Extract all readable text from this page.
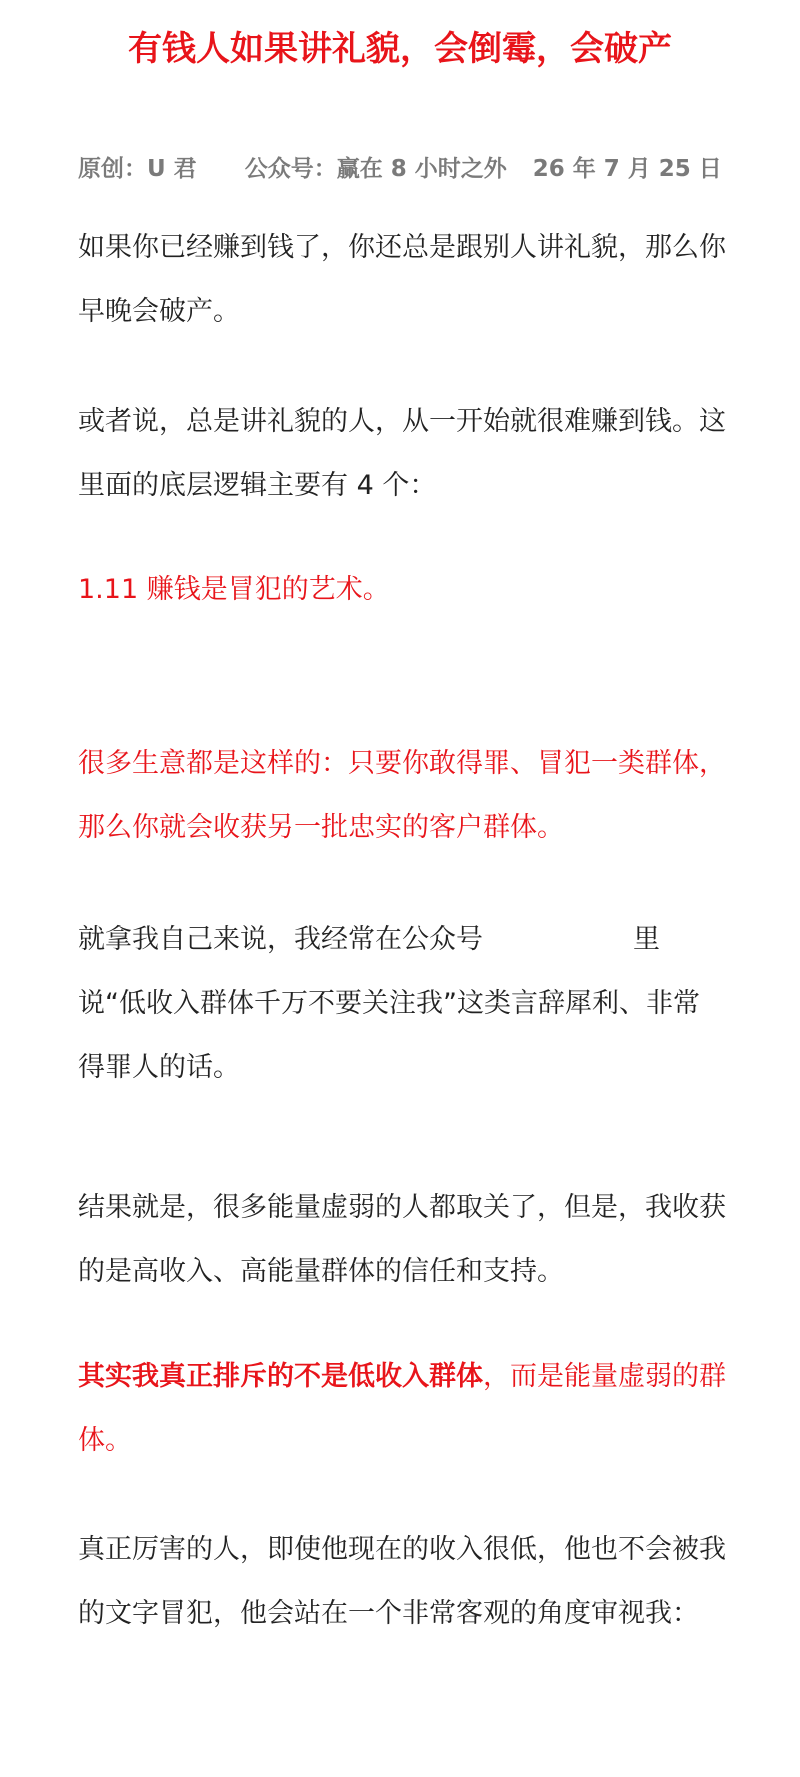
有钱人如果讲礼貌，会倒霉，会破产
原创：U 君 公众号：赢在 8 小时之外 26 年 7 月 25 日

如果你已经赚到钱了，你还总是跟别人讲礼貌，那么你早晚会破产。

或者说，总是讲礼貌的人，从一开始就很难赚到钱。这里面的底层逻辑主要有 4 个：

1.11 赚钱是冒犯的艺术。

很多生意都是这样的：只要你敢得罪、冒犯一类群体，那么你就会收获另一批忠实的客户群体。

就拿我自己来说，我经常在公众号	里说“低收入群体千万不要关注我”这类言辞犀利、非常得罪人的话。

结果就是，很多能量虚弱的人都取关了，但是，我收获的是高收入、高能量群体的信任和支持。

其实我真正排斥的不是低收入群体，而是能量虚弱的群体。

真正厉害的人，即使他现在的收入很低，他也不会被我的文字冒犯，他会站在一个非常客观的角度审视我：
